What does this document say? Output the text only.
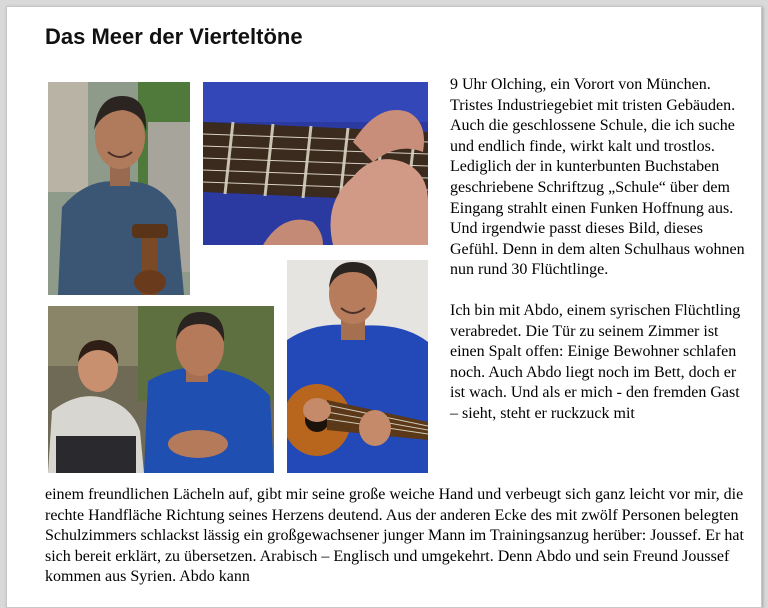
Das Meer der Vierteltöne

9 Uhr Olching, ein Vorort von München. Tristes Industriegebiet mit tristen Gebäuden. Auch die geschlossene Schule, die ich suche und endlich finde, wirkt kalt und trostlos. Lediglich der in kunterbunten Buchstaben geschriebene Schriftzug „Schule“ über dem Eingang strahlt einen Funken Hoffnung aus. Und irgendwie passt dieses Bild, dieses Gefühl. Denn in dem alten Schulhaus wohnen nun rund 30 Flüchtlinge.

Ich bin mit Abdo, einem syrischen Flüchtling verabredet. Die Tür zu seinem Zimmer ist einen Spalt offen: Einige Bewohner schlafen noch. Auch Abdo liegt noch im Bett, doch er ist wach. Und als er mich - den fremden Gast – sieht, steht er ruckzuck mit

einem freundlichen Lächeln auf, gibt mir seine große weiche Hand und verbeugt sich ganz leicht vor mir, die rechte Handfläche Richtung seines Herzens deutend. Aus der anderen Ecke des mit zwölf Personen belegten Schulzimmers schlackst lässig ein großgewachsener junger Mann im Trainingsanzug herüber: Joussef. Er hat sich bereit erklärt, zu übersetzen. Arabisch – Englisch und umgekehrt. Denn Abdo und sein Freund Joussef kommen aus Syrien. Abdo kann
